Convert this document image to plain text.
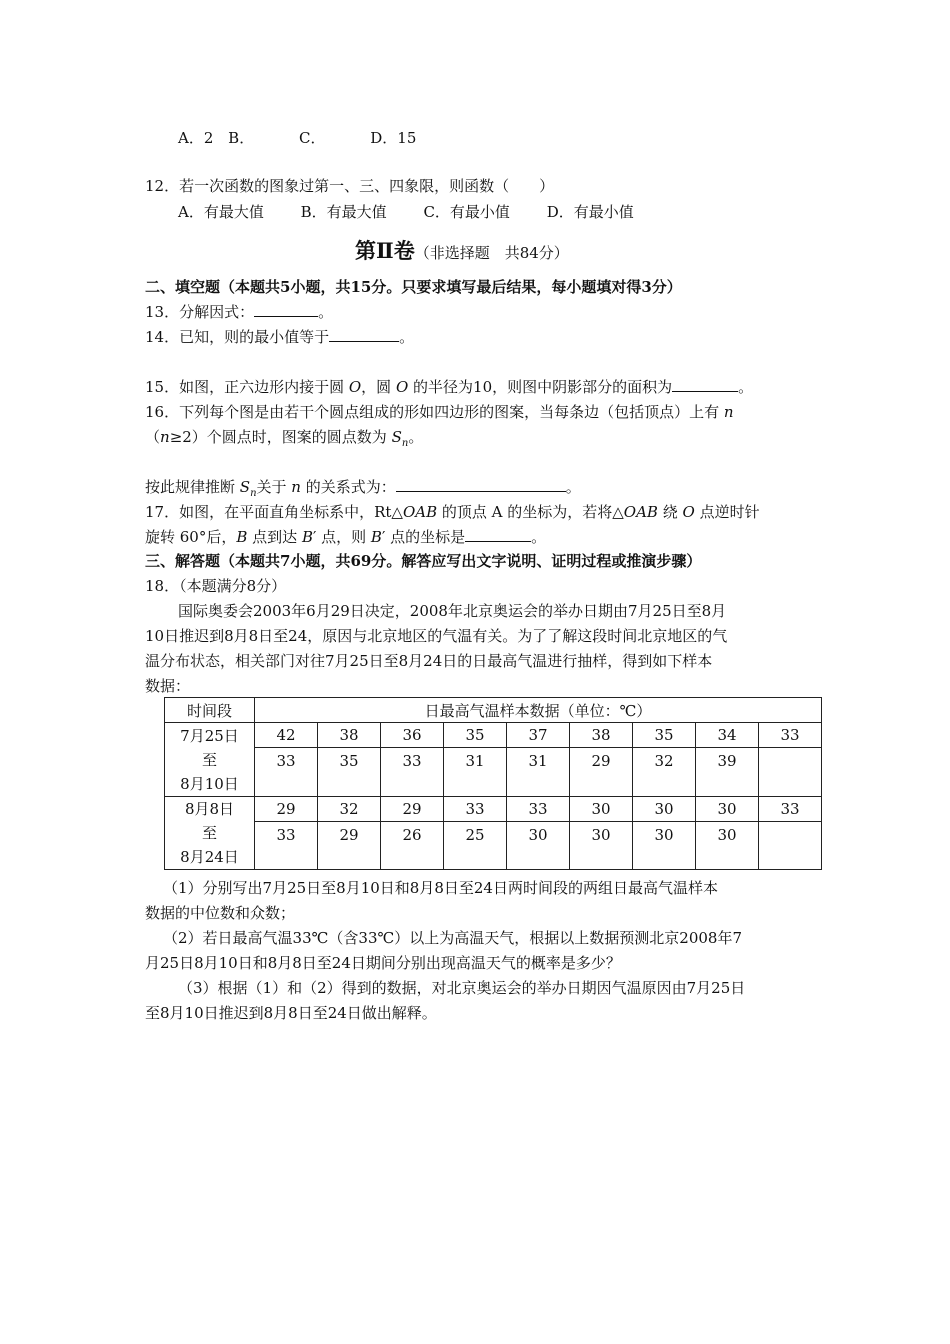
A．2 B．	C．	D．15
12．若一次函数的图象过第一、三、四象限，则函数（　　）
A．有最大值 B．有最大值 C．有最小值 D．有最小值
第Ⅱ卷（非选择题　共84分）
二、填空题（本题共5小题，共15分。只要求填写最后结果，每小题填对得3分）
13．分解因式：	。
14．已知，则的最小值等于	。
15．如图，正六边形内接于圆 O，圆 O 的半径为10，则图中阴影部分的面积为	。
16．下列每个图是由若干个圆点组成的形如四边形的图案，当每条边（包括顶点）上有 n
（n≥2）个圆点时，图案的圆点数为 $S_n$。
按此规律推断 $S_n$关于 n 的关系式为：	。
17．如图，在平面直角坐标系中，Rt△OAB 的顶点 A 的坐标为，若将△OAB 绕 O 点逆时针
旋转 60°后，B 点到达 B′ 点，则 B′ 点的坐标是	。
三、解答题（本题共7小题，共69分。解答应写出文字说明、证明过程或推演步骤）
18．（本题满分8分）
国际奥委会2003年6月29日决定，2008年北京奥运会的举办日期由7月25日至8月
10日推迟到8月8日至24，原因与北京地区的气温有关。为了了解这段时间北京地区的气
温分布状态，相关部门对往7月25日至8月24日的日最高气温进行抽样，得到如下样本
数据：
时间段	日最高气温样本数据（单位：℃）								
7月25日	42	38	36	35	37	38	35	34	33

至
8月10日	33	35	33	31	31	29	32	39	
8月8日	29	32	29	33	33	30	30	30	33

至
8月24日	33	29	26	25	30	30	30	30	
（1）分别写出7月25日至8月10日和8月8日至24日两时间段的两组日最高气温样本
数据的中位数和众数；
（2）若日最高气温33℃（含33℃）以上为高温天气，根据以上数据预测北京2008年7
月25日8月10日和8月8日至24日期间分别出现高温天气的概率是多少？
（3）根据（1）和（2）得到的数据，对北京奥运会的举办日期因气温原因由7月25日
至8月10日推迟到8月8日至24日做出解释。
